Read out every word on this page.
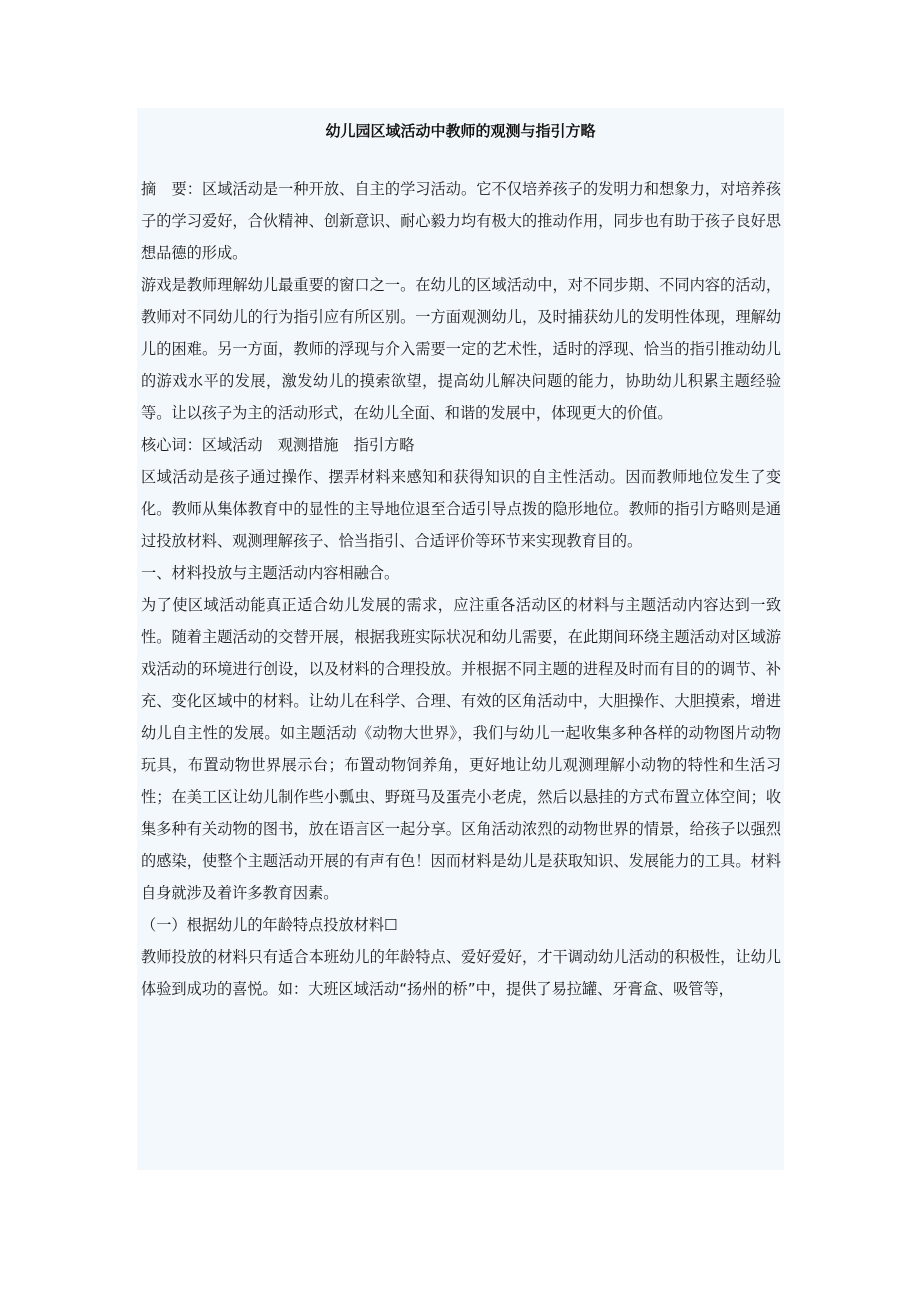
幼儿园区域活动中教师的观测与指引方略

摘　要：区域活动是一种开放、自主的学习活动。它不仅培养孩子的发明力和想象力，对培养孩子的学习爱好，合伙精神、创新意识、耐心毅力均有极大的推动作用，同步也有助于孩子良好思想品德的形成。

游戏是教师理解幼儿最重要的窗口之一。在幼儿的区域活动中，对不同步期、不同内容的活动，教师对不同幼儿的行为指引应有所区别。一方面观测幼儿，及时捕获幼儿的发明性体现，理解幼儿的困难。另一方面，教师的浮现与介入需要一定的艺术性，适时的浮现、恰当的指引推动幼儿的游戏水平的发展，激发幼儿的摸索欲望，提高幼儿解决问题的能力，协助幼儿积累主题经验等。让以孩子为主的活动形式，在幼儿全面、和谐的发展中，体现更大的价值。

核心词：区域活动　观测措施　指引方略

区域活动是孩子通过操作、摆弄材料来感知和获得知识的自主性活动。因而教师地位发生了变化。教师从集体教育中的显性的主导地位退至合适引导点拨的隐形地位。教师的指引方略则是通过投放材料、观测理解孩子、恰当指引、合适评价等环节来实现教育目的。

一、材料投放与主题活动内容相融合。

为了使区域活动能真正适合幼儿发展的需求，应注重各活动区的材料与主题活动内容达到一致性。随着主题活动的交替开展，根据我班实际状况和幼儿需要，在此期间环绕主题活动对区域游戏活动的环境进行创设，以及材料的合理投放。并根据不同主题的进程及时而有目的的调节、补充、变化区域中的材料。让幼儿在科学、合理、有效的区角活动中，大胆操作、大胆摸索，增进幼儿自主性的发展。如主题活动《动物大世界》，我们与幼儿一起收集多种各样的动物图片动物玩具，布置动物世界展示台；布置动物饲养角，更好地让幼儿观测理解小动物的特性和生活习性；在美工区让幼儿制作些小瓢虫、野斑马及蛋壳小老虎，然后以悬挂的方式布置立体空间；收集多种有关动物的图书，放在语言区一起分享。区角活动浓烈的动物世界的情景，给孩子以强烈的感染，使整个主题活动开展的有声有色！因而材料是幼儿是获取知识、发展能力的工具。材料自身就涉及着许多教育因素。

（一）根据幼儿的年龄特点投放材料☐

教师投放的材料只有适合本班幼儿的年龄特点、爱好爱好，才干调动幼儿活动的积极性，让幼儿体验到成功的喜悦。如：大班区域活动“扬州的桥”中，提供了易拉罐、牙膏盒、吸管等，
